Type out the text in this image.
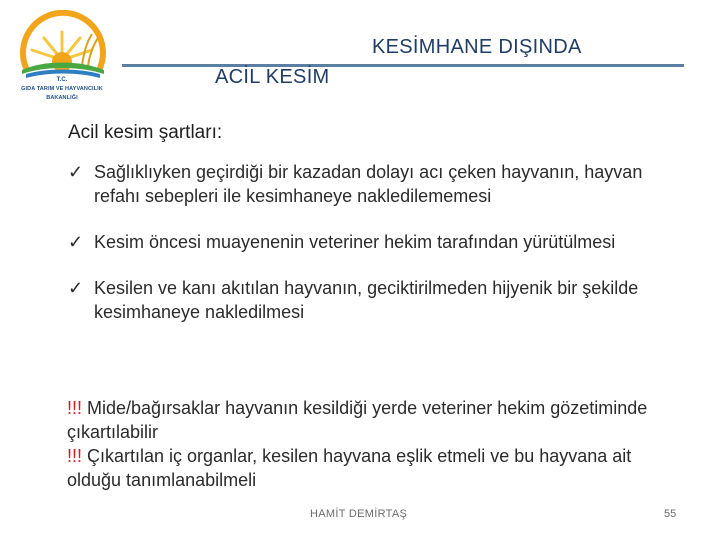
T.C.
GIDA TARIM VE HAYVANCILIK
BAKANLIĞI
KESİMHANE DIŞINDA
ACİL KESİM
Acil kesim şartları:
✓ Sağlıklıyken geçirdiği bir kazadan dolayı acı çeken hayvanın, hayvan refahı sebepleri ile kesimhaneye nakledilememesi
✓ Kesim öncesi muayenenin veteriner hekim tarafından yürütülmesi
✓ Kesilen ve kanı akıtılan hayvanın, geciktirilmeden hijyenik bir şekilde kesimhaneye nakledilmesi
!!! Mide/bağırsaklar hayvanın kesildiği yerde veteriner hekim gözetiminde çıkartılabilir
!!! Çıkartılan iç organlar, kesilen hayvana eşlik etmeli ve bu hayvana ait olduğu tanımlanabilmeli
HAMİT DEMİRTAŞ	55
